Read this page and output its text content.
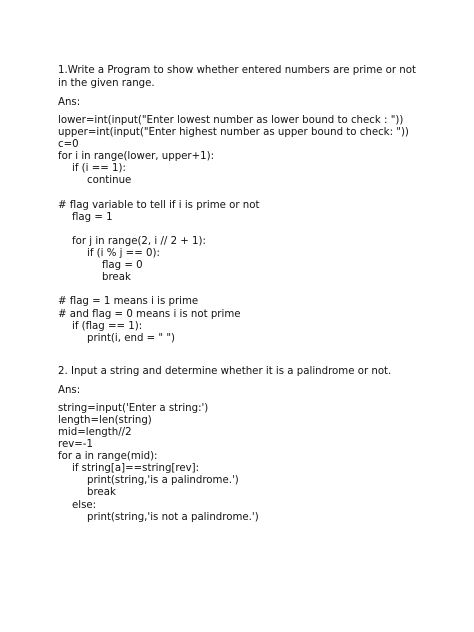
1.Write a Program to show whether entered numbers are prime or not in the given range.

Ans:

lower=int(input("Enter lowest number as lower bound to check : "))
upper=int(input("Enter highest number as upper bound to check: "))
c=0
for i in range(lower, upper+1):
if (i == 1):
continue
# flag variable to tell if i is prime or not
flag = 1
for j in range(2, i // 2 + 1):
if (i % j == 0):
flag = 0
break
# flag = 1 means i is prime
# and flag = 0 means i is not prime
if (flag == 1):
print(i, end = " ")

2. Input a string and determine whether it is a palindrome or not.

Ans:

string=input('Enter a string:')
length=len(string)
mid=length//2
rev=-1
for a in range(mid):
if string[a]==string[rev]:
print(string,'is a palindrome.')
break
else:
print(string,'is not a palindrome.')
